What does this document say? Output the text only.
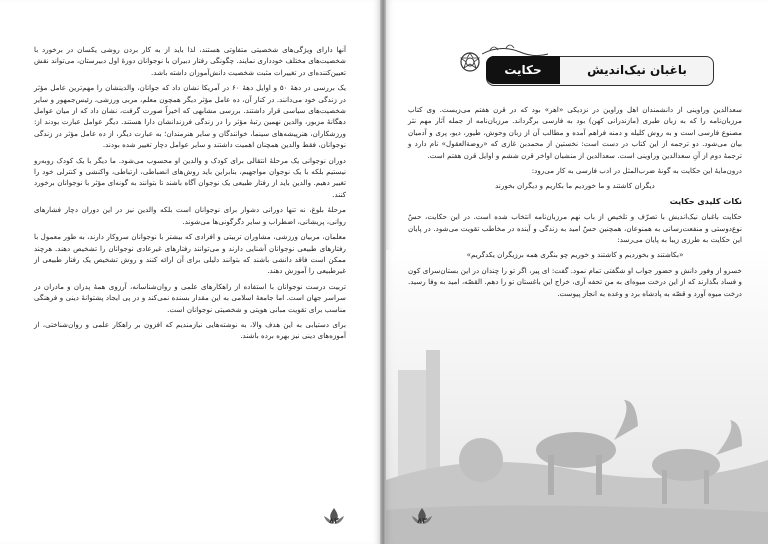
آنها دارای ویژگی‌های شخصیتی متفاوتی هستند، لذا باید از به کار بردن روشی یکسان در برخورد با شخصیت‌های مختلف خودداری نمایند. چگونگی رفتار دبیران با نوجوانان دورهٔ اول دبیرستان، می‌تواند نقش تعیین‌کننده‌ای در تغییرات مثبت شخصیت دانش‌آموزان داشته باشد.

یک بررسی در دههٔ ۵۰ و اوایل دههٔ ۶۰ در آمریکا نشان داد که جوانان، والدینشان را مهم‌ترین عامل مؤثر در زندگی خود می‌دانند. در کنار آن، ده عامل مؤثر دیگر همچون معلم، مربی ورزشی، رئیس‌جمهور و سایر شخصیت‌های سیاسی قرار داشتند. بررسی مشابهی که اخیراً صورت گرفت، نشان داد که از میان عوامل دهگانهٔ مزبور، والدین نهمین رتبهٔ مؤثر را در زندگی فرزندانشان دارا هستند. دیگر عوامل عبارت بودند از: ورزشکاران، هنرپیشه‌های سینما، خوانندگان و سایر هنرمندان؛ به عبارت دیگر، از ده عامل مؤثر در زندگی نوجوانان، فقط والدین همچنان اهمیت داشتند و سایر عوامل دچار تغییر شده بودند.

دوران نوجوانی یک مرحلهٔ انتقالی برای کودک و والدین او محسوب می‌شود. ما دیگر با یک کودک روبه‌رو نیستیم بلکه با یک نوجوان مواجهیم، بنابراین باید روش‌های انضباطی، ارتباطی، واکنشی و کنترلی خود را تغییر دهیم. والدین باید از رفتار طبیعی یک نوجوان آگاه باشند تا بتوانند به گونه‌ای مؤثر با نوجوانان برخورد کنند.

مرحلهٔ بلوغ، نه تنها دورانی دشوار برای نوجوانان است بلکه والدین نیز در این دوران دچار فشارهای روانی، پریشانی، اضطراب و سایر دگرگونی‌ها می‌شوند.

معلمان، مربیان ورزشی، مشاوران تربیتی و افرادی که بیشتر با نوجوانان سروکار دارند، به طور معمول با رفتارهای طبیعی نوجوانان آشنایی دارند و می‌توانند رفتارهای غیرعادی نوجوانان را تشخیص دهند. هرچند ممکن است فاقد دانشی باشند که بتوانند دلیلی برای آن ارائه کنند و روش تشخیص یک رفتار طبیعی از غیرطبیعی را آموزش دهند.

تربیت درست نوجوانان با استفاده از راهکارهای علمی و روان‌شناسانه، آرزوی همهٔ پدران و مادران در سراسر جهان است. اما جامعهٔ اسلامی به این مقدار بسنده نمی‌کند و در پی ایجاد پشتوانهٔ دینی و فرهنگی مناسب برای تقویت مبانی هویتی و شخصیتی نوجوانان است.

برای دستیابی به این هدف والا، به نوشته‌هایی نیازمندیم که افزون بر راهکار علمی و روان‌شناختی، از آموزه‌های دینی نیز بهره برده باشند.

۸۲
حکایت	باغبان نیک‌اندیش

سعدالدین وراوینی از دانشمندان اهل وراوین در نزدیکی «اهر» بود که در قرن هفتم می‌زیست. وی کتاب مرزبان‌نامه را که به زبان طبری (مازندرانی کهن) بود به فارسی برگرداند. مرزبان‌نامه از جمله آثار مهم نثر مصنوع فارسی است و به روش کلیله و دمنه فراهم آمده و مطالب آن از زبان وحوش، طیور، دیو، پری و آدمیان بیان می‌شود. دو ترجمه از این کتاب در دست است: نخستین از محمدبن غازی که «روضة‌العقول» نام دارد و ترجمهٔ دوم از آنِ سعدالدین وراوینی است. سعدالدین از منشیان اواخر قرن ششم و اوایل قرن هفتم است.

درون‌مایهٔ این حکایت به گونهٔ ضرب‌المثل در ادب فارسی به کار می‌رود:

دیگران کاشتند و ما خوردیم ما بکاریم و دیگران بخورند

نکات کلیدی حکایت

حکایت باغبان نیک‌اندیش با تصرّف و تلخیص از باب نهم مرزبان‌نامه انتخاب شده است. در این حکایت، حسّ نوع‌دوستی و منفعت‌رسانی به همنوعان، همچنین حسّ امید به زندگی و آینده در مخاطب تقویت می‌شود. در پایان این حکایت به طرزی زیبا به پایان می‌رسد:

«بکاشتند و بخوردیم و کاشتند و خوریم چو بنگری همه برزیگران یکدگریم»

خسرو از وفور دانش و حضور جواب او شگفتی تمام نمود. گفت: ای پیر، اگر تو را چندان در این بستان‌سرای کون و فساد بگذارند که از این درخت میوه‌ای به من تحفه آری، خراج این باغستان تو را دهم. القصّه، امید به وفا رسید. درخت میوه آورد و قصّه به پادشاه برد و وعده به انجاز پیوست.

۸۳
